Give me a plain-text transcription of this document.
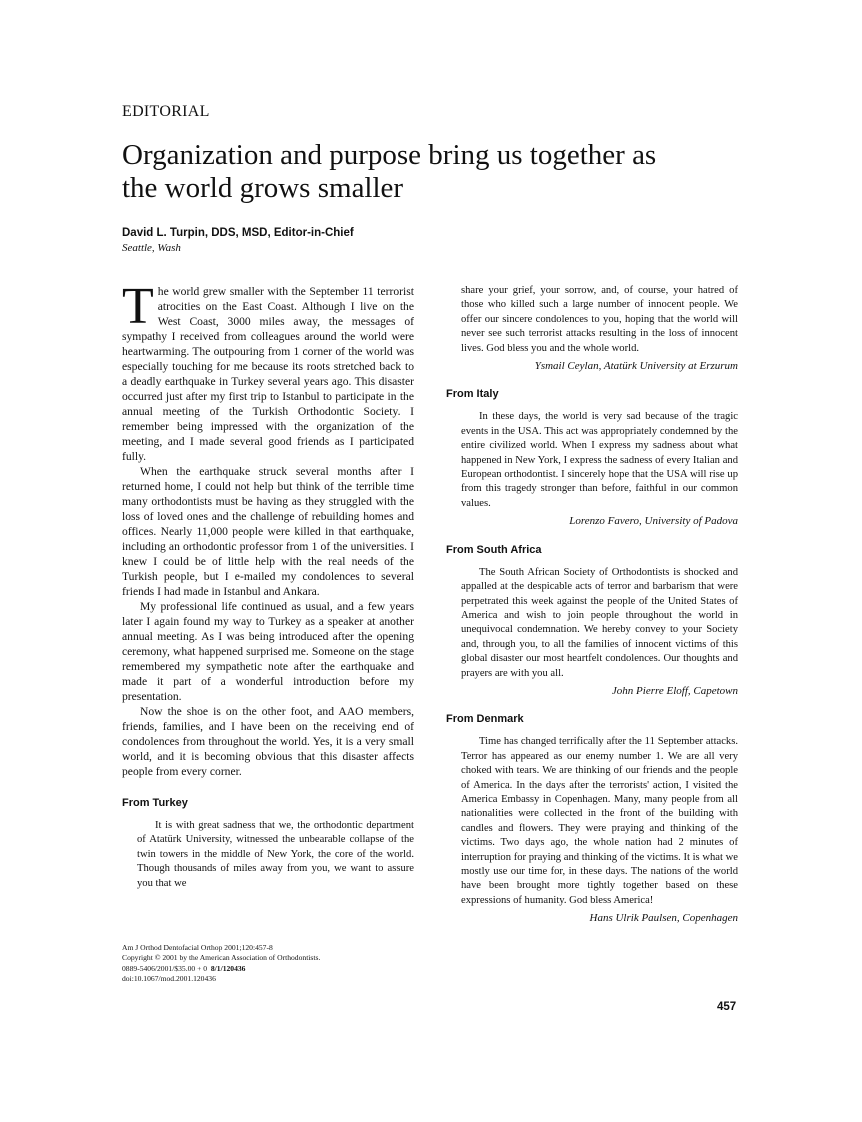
EDITORIAL
Organization and purpose bring us together as
the world grows smaller
David L. Turpin, DDS, MSD, Editor-in-Chief
Seattle, Wash

The world grew smaller with the September 11 terrorist atrocities on the East Coast. Although I live on the West Coast, 3000 miles away, the messages of sympathy I received from colleagues around the world were heartwarming. The outpouring from 1 corner of the world was especially touching for me because its roots stretched back to a deadly earthquake in Turkey several years ago. This disaster occurred just after my first trip to Istanbul to participate in the annual meeting of the Turkish Orthodontic Society. I remember being impressed with the organization of the meeting, and I made several good friends as I participated fully.

When the earthquake struck several months after I returned home, I could not help but think of the terrible time many orthodontists must be having as they struggled with the loss of loved ones and the challenge of rebuilding homes and offices. Nearly 11,000 people were killed in that earthquake, including an orthodontic professor from 1 of the universities. I knew I could be of little help with the real needs of the Turkish people, but I e-mailed my condolences to several friends I had made in Istanbul and Ankara.

My professional life continued as usual, and a few years later I again found my way to Turkey as a speaker at another annual meeting. As I was being introduced after the opening ceremony, what happened surprised me. Someone on the stage remembered my sympathetic note after the earthquake and made it part of a wonderful introduction before my presentation.

Now the shoe is on the other foot, and AAO members, friends, families, and I have been on the receiving end of condolences from throughout the world. Yes, it is a very small world, and it is becoming obvious that this disaster affects people from every corner.

From Turkey

It is with great sadness that we, the orthodontic department of Atatürk University, witnessed the unbearable collapse of the twin towers in the middle of New York, the core of the world. Though thousands of miles away from you, we want to assure you that we

share your grief, your sorrow, and, of course, your hatred of those who killed such a large number of innocent people. We offer our sincere condolences to you, hoping that the world will never see such terrorist attacks resulting in the loss of innocent lives. God bless you and the whole world.

Ysmail Ceylan, Atatürk University at Erzurum
From Italy

In these days, the world is very sad because of the tragic events in the USA. This act was appropriately condemned by the entire civilized world. When I express my sadness about what happened in New York, I express the sadness of every Italian and European orthodontist. I sincerely hope that the USA will rise up from this tragedy stronger than before, faithful in our common values.

Lorenzo Favero, University of Padova
From South Africa

The South African Society of Orthodontists is shocked and appalled at the despicable acts of terror and barbarism that were perpetrated this week against the people of the United States of America and wish to join people throughout the world in unequivocal condemnation. We hereby convey to your Society and, through you, to all the families of innocent victims of this global disaster our most heartfelt condolences. Our thoughts and prayers are with you all.

John Pierre Eloff, Capetown
From Denmark

Time has changed terrifically after the 11 September attacks. Terror has appeared as our enemy number 1. We are all very choked with tears. We are thinking of our friends and the people of America. In the days after the terrorists' action, I visited the America Embassy in Copenhagen. Many, many people from all nationalities were collected in the front of the building with candles and flowers. They were praying and thinking of the victims. Two days ago, the whole nation had 2 minutes of interruption for praying and thinking of the victims. It is what we mostly use our time for, in these days. The nations of the world have been brought more tightly together based on these expressions of humanity. God bless America!

Hans Ulrik Paulsen, Copenhagen
Am J Orthod Dentofacial Orthop 2001;120:457-8
Copyright © 2001 by the American Association of Orthodontists.
0889-5406/2001/$35.00 + 0 8/1/120436
doi:10.1067/mod.2001.120436
457
